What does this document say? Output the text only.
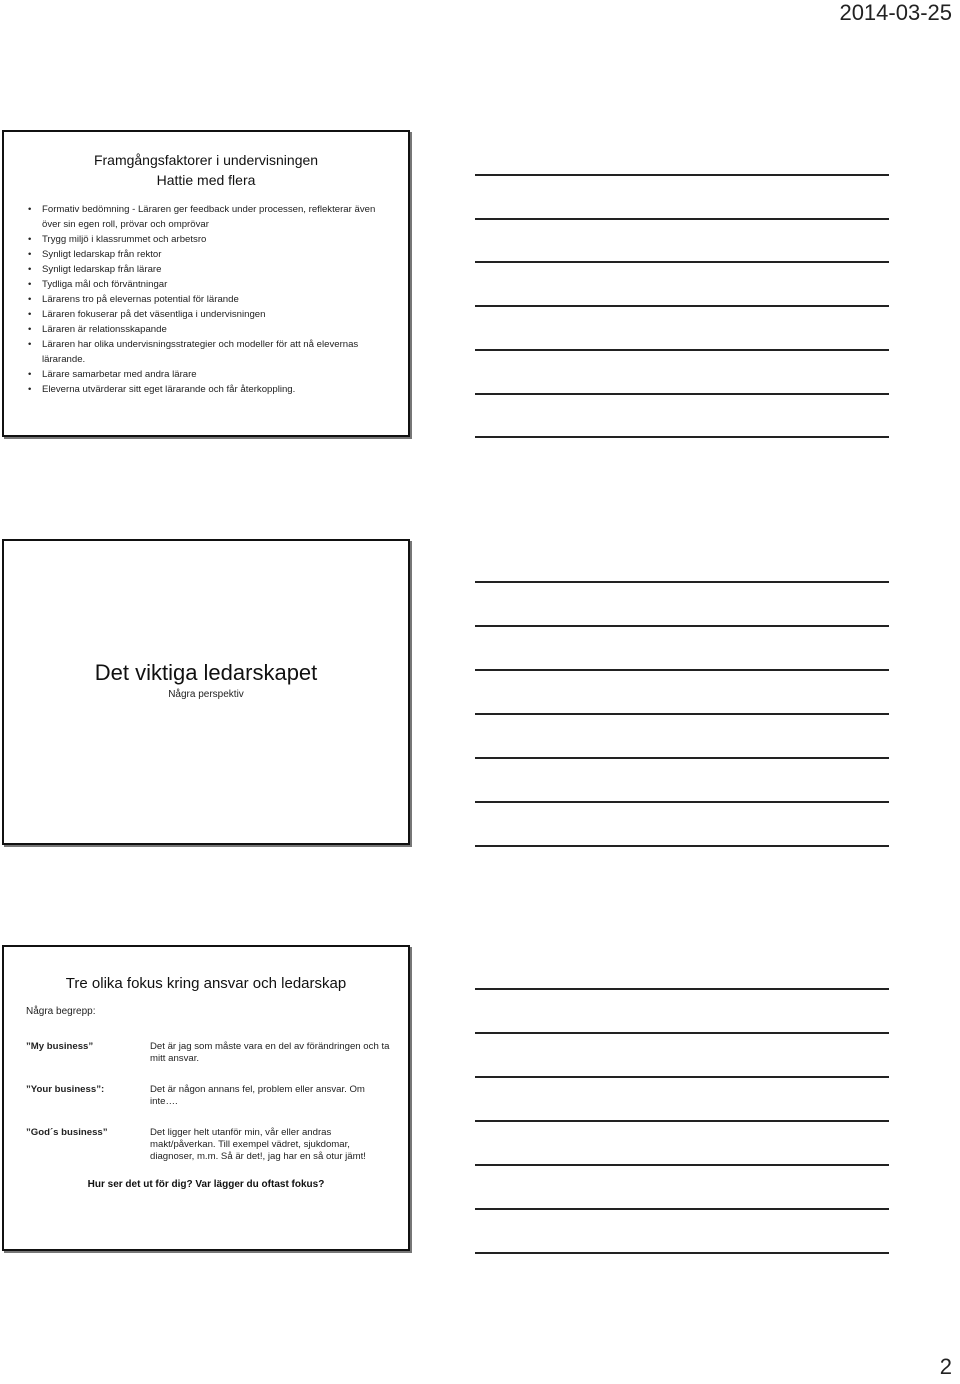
2014-03-25
Framgångsfaktorer i undervisningen
Hattie med flera
• Formativ bedömning - Läraren ger feedback under processen, reflekterar även över sin egen roll, prövar och omprövar
• Trygg miljö i klassrummet och arbetsro
• Synligt ledarskap från rektor
• Synligt ledarskap från lärare
• Tydliga mål och förväntningar
• Lärarens tro på elevernas potential för lärande
• Läraren fokuserar på det väsentliga i undervisningen
• Läraren är relationsskapande
• Läraren har olika undervisningsstrategier och modeller för att nå elevernas lärarande.
• Lärare samarbetar med andra lärare
• Eleverna utvärderar sitt eget lärarande och får återkoppling.
Det viktiga ledarskapet
Några perspektiv
Tre olika fokus kring ansvar och ledarskap
Några begrepp:
”My business”	Det är jag som måste vara en del av förändringen och ta mitt ansvar.
”Your business”:	Det är någon annans fel, problem eller ansvar. Om inte….
”God´s business”	Det ligger helt utanför min, vår eller andras makt/påverkan. Till exempel vädret, sjukdomar, diagnoser, m.m. Så är det!, jag har en så otur jämt!
Hur ser det ut för dig? Var lägger du oftast fokus?
2
